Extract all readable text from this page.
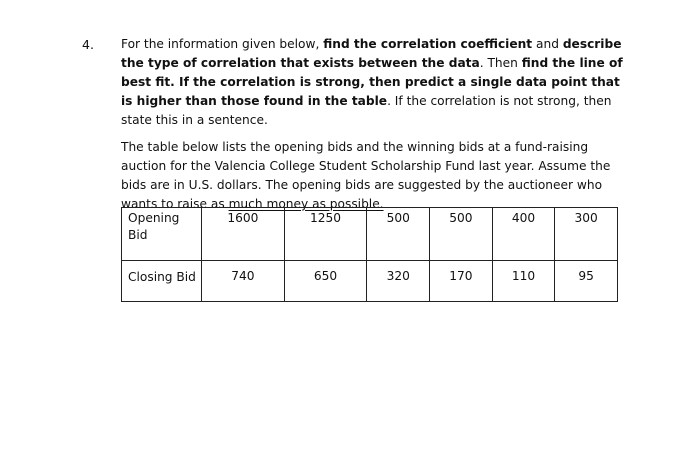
4. For the information given below, find the correlation coefficient and describe the type of correlation that exists between the data. Then find the line of best fit. If the correlation is strong, then predict a single data point that is higher than those found in the table. If the correlation is not strong, then state this in a sentence.

The table below lists the opening bids and the winning bids at a fund-raising auction for the Valencia College Student Scholarship Fund last year. Assume the bids are in U.S. dollars. The opening bids are suggested by the auctioneer who wants to raise as much money as possible.

Opening Bid	1600	1250	500	500	400	300
Closing Bid	740	650	320	170	110	95
